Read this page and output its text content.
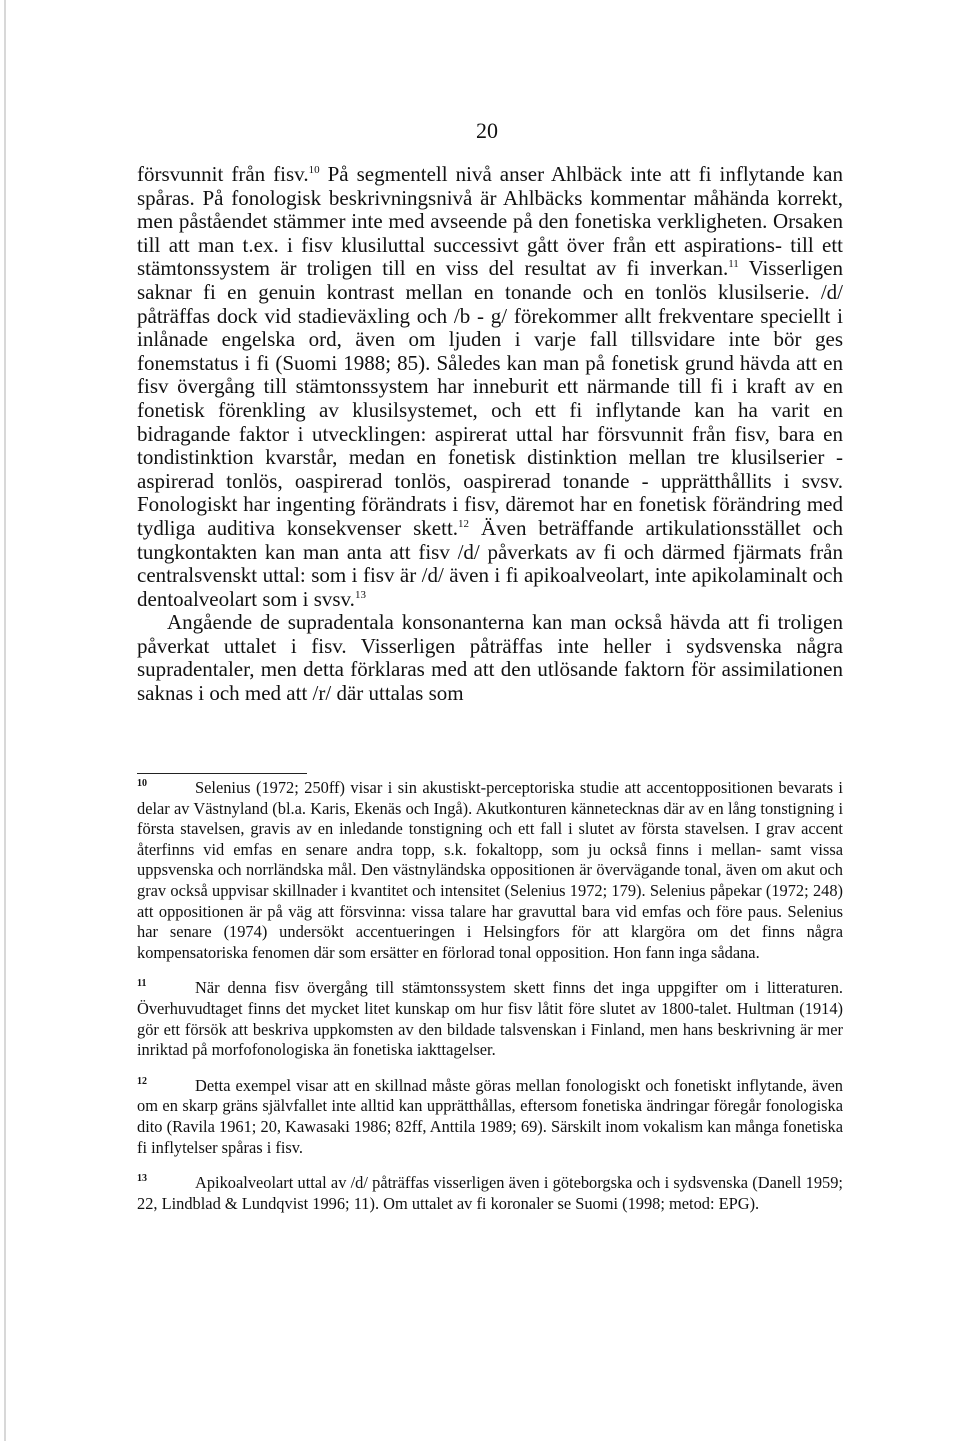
20

försvunnit från fisv.$^{10}$ På segmentell nivå anser Ahlbäck inte att fi inflytande kan spåras. På fonologisk beskrivningsnivå är Ahlbäcks kommentar måhända korrekt, men påståendet stämmer inte med avseende på den fonetiska verkligheten. Orsaken till att man t.ex. i fisv klusiluttal successivt gått över från ett aspirations- till ett stämtonssystem är troligen till en viss del resultat av fi inverkan.$^{11}$ Visserligen saknar fi en genuin kontrast mellan en tonande och en tonlös klusilserie. /d/ påträffas dock vid stadieväxling och /b - g/ förekommer allt frekventare speciellt i inlånade engelska ord, även om ljuden i varje fall tillsvidare inte bör ges fonemstatus i fi (Suomi 1988; 85). Således kan man på fonetisk grund hävda att en fisv övergång till stämtonssystem har inneburit ett närmande till fi i kraft av en fonetisk förenkling av klusilsystemet, och ett fi inflytande kan ha varit en bidragande faktor i utvecklingen: aspirerat uttal har försvunnit från fisv, bara en tondistinktion kvarstår, medan en fonetisk distinktion mellan tre klusilserier - aspirerad tonlös, oaspirerad tonlös, oaspirerad tonande - upprätthållits i svsv. Fonologiskt har ingenting förändrats i fisv, däremot har en fonetisk förändring med tydliga auditiva konsekvenser skett.$^{12}$ Även beträffande artikulationsstället och tungkontakten kan man anta att fisv /d/ påverkats av fi och därmed fjärmats från centralsvenskt uttal: som i fisv är /d/ även i fi apikoalveolart, inte apikolaminalt och dentoalveolart som i svsv.$^{13}$

Angående de supradentala konsonanterna kan man också hävda att fi troligen påverkat uttalet i fisv. Visserligen påträffas inte heller i sydsvenska några supradentaler, men detta förklaras med att den utlösande faktorn för assimilationen saknas i och med att /r/ där uttalas som

10	Selenius (1972; 250ff) visar i sin akustiskt-perceptoriska studie att accentoppositionen bevarats i delar av Västnyland (bl.a. Karis, Ekenäs och Ingå). Akutkonturen kännetecknas där av en lång tonstigning i första stavelsen, gravis av en inledande tonstigning och ett fall i slutet av första stavelsen. I grav accent återfinns vid emfas en senare andra topp, s.k. fokaltopp, som ju också finns i mellan- samt vissa uppsvenska och norrländska mål. Den västnyländska oppositionen är övervägande tonal, även om akut och grav också uppvisar skillnader i kvantitet och intensitet (Selenius 1972; 179). Selenius påpekar (1972; 248) att oppositionen är på väg att försvinna: vissa talare har gravuttal bara vid emfas och före paus. Selenius har senare (1974) undersökt accentueringen i Helsingfors för att klargöra om det finns några kompensatoriska fenomen där som ersätter en förlorad tonal opposition. Hon fann inga sådana.

11	När denna fisv övergång till stämtonssystem skett finns det inga uppgifter om i litteraturen. Överhuvudtaget finns det mycket litet kunskap om hur fisv låtit före slutet av 1800-talet. Hultman (1914) gör ett försök att beskriva uppkomsten av den bildade talsvenskan i Finland, men hans beskrivning är mer inriktad på morfofonologiska än fonetiska iakttagelser.

12	Detta exempel visar att en skillnad måste göras mellan fonologiskt och fonetiskt inflytande, även om en skarp gräns självfallet inte alltid kan upprätthållas, eftersom fonetiska ändringar föregår fonologiska dito (Ravila 1961; 20, Kawasaki 1986; 82ff, Anttila 1989; 69). Särskilt inom vokalism kan många fonetiska fi inflytelser spåras i fisv.

13	Apikoalveolart uttal av /d/ påträffas visserligen även i göteborgska och i sydsvenska (Danell 1959; 22, Lindblad & Lundqvist 1996; 11). Om uttalet av fi koronaler se Suomi (1998; metod: EPG).
